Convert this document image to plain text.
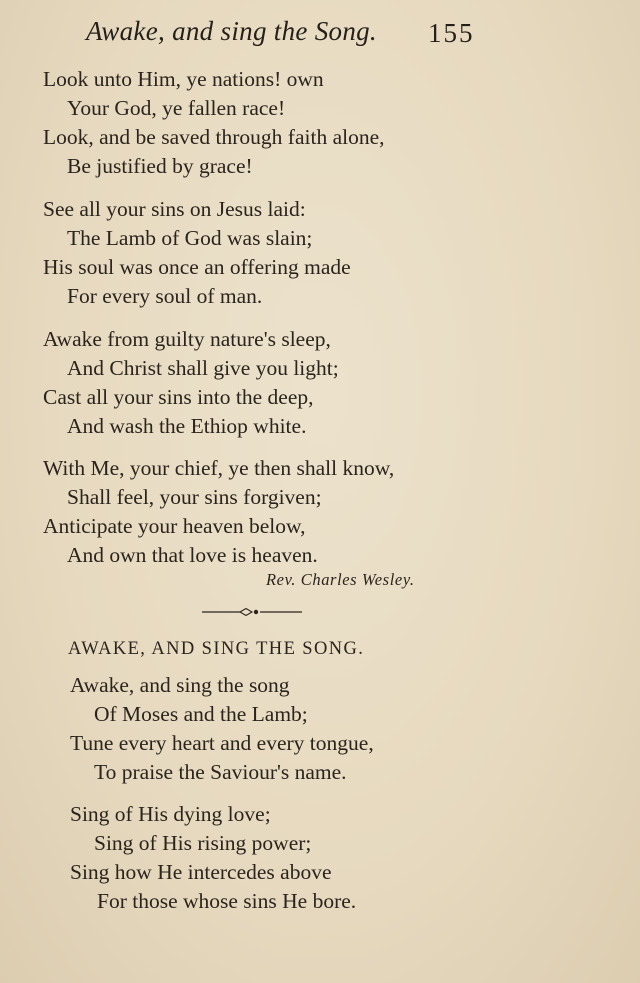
Awake, and sing the Song. 155
Look unto Him, ye nations! own
Your God, ye fallen race!
Look, and be saved through faith alone,
Be justified by grace!
See all your sins on Jesus laid:
The Lamb of God was slain;
His soul was once an offering made
For every soul of man.
Awake from guilty nature's sleep,
And Christ shall give you light;
Cast all your sins into the deep,
And wash the Ethiop white.
With Me, your chief, ye then shall know,
Shall feel, your sins forgiven;
Anticipate your heaven below,
And own that love is heaven.
Rev. Charles Wesley.
AWAKE, AND SING THE SONG.
Awake, and sing the song
Of Moses and the Lamb;
Tune every heart and every tongue,
To praise the Saviour's name.
Sing of His dying love;
Sing of His rising power;
Sing how He intercedes above
For those whose sins He bore.
